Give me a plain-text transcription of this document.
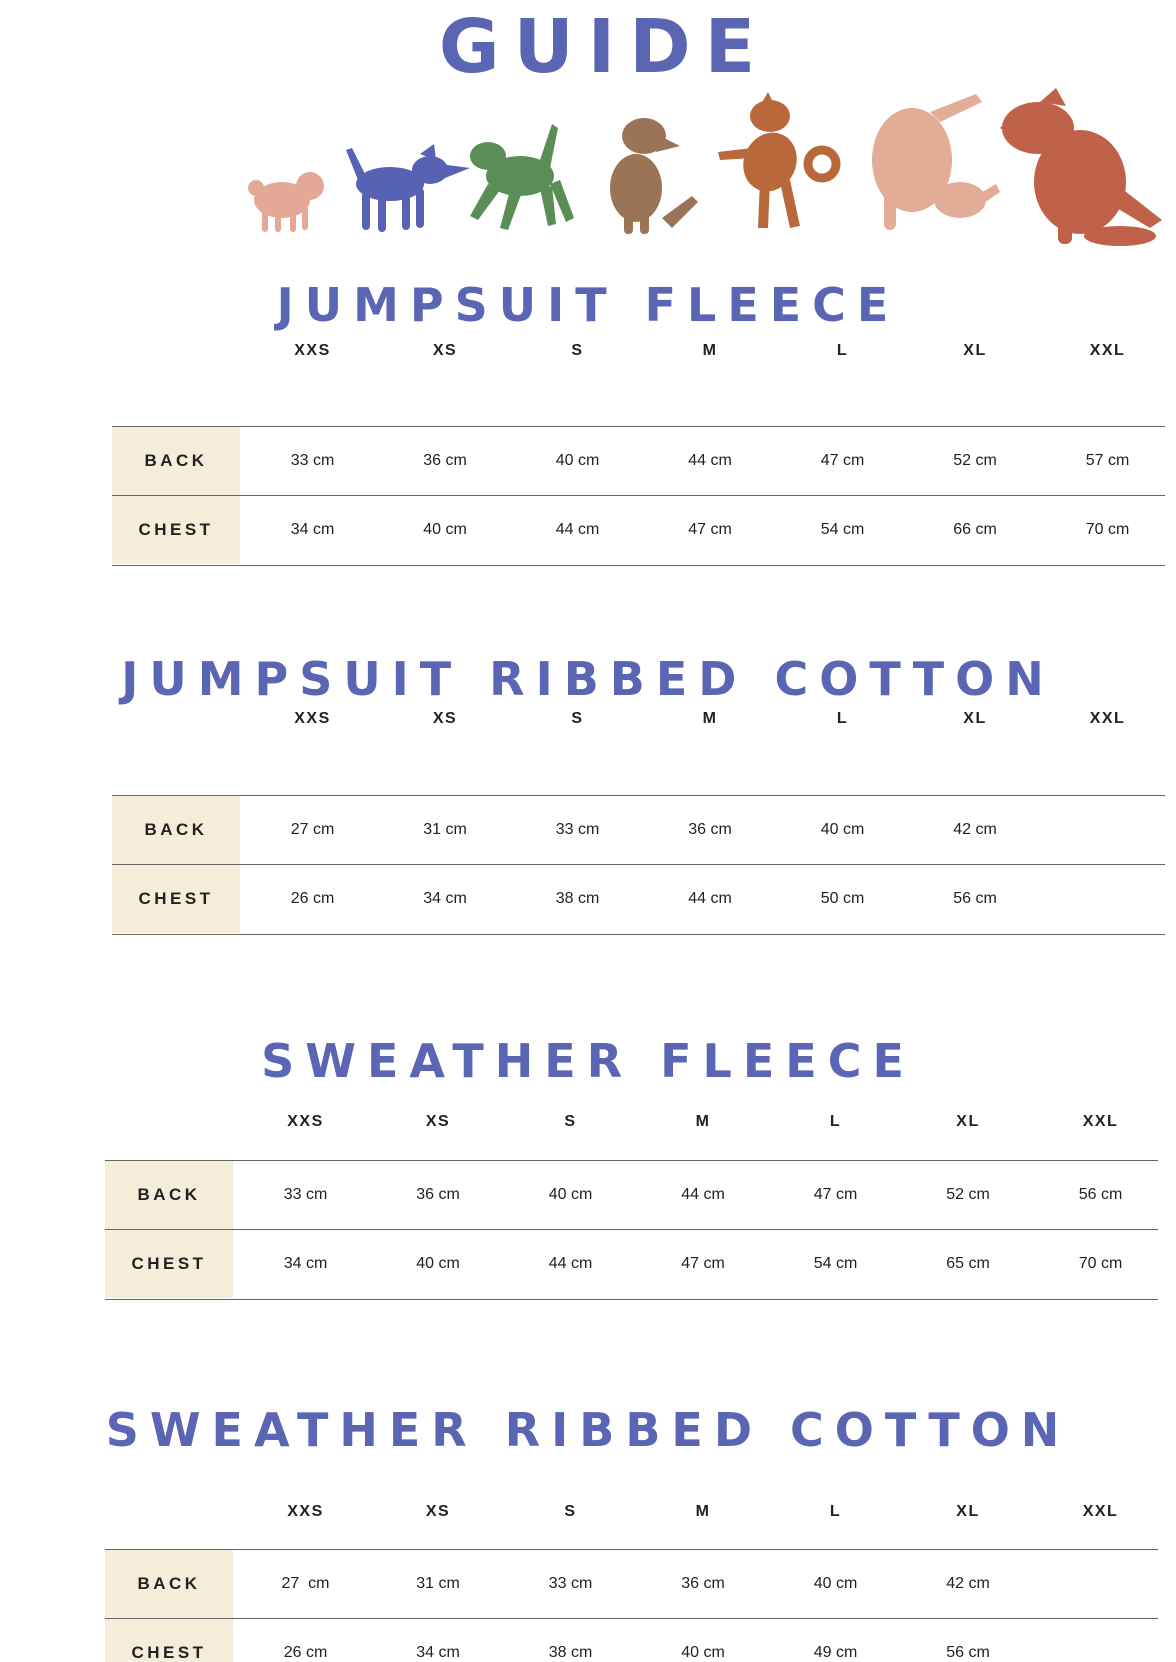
GUIDE
JUMPSUIT FLEECE
XXS	XS	S	M	L	XL	XXL
BACK	33 cm	36 cm	40 cm	44 cm	47 cm	52 cm	57 cm
CHEST	34 cm	40 cm	44 cm	47 cm	54 cm	66 cm	70 cm
JUMPSUIT RIBBED COTTON
XXS	XS	S	M	L	XL	XXL
BACK	27 cm	31 cm	33 cm	36 cm	40 cm	42 cm
CHEST	26 cm	34 cm	38 cm	44 cm	50 cm	56 cm
SWEATHER FLEECE
XXS	XS	S	M	L	XL	XXL
BACK	33 cm	36 cm	40 cm	44 cm	47 cm	52 cm	56 cm
CHEST	34 cm	40 cm	44 cm	47 cm	54 cm	65 cm	70 cm
SWEATHER RIBBED COTTON
XXS	XS	S	M	L	XL	XXL
BACK	27  cm	31 cm	33 cm	36 cm	40 cm	42 cm
CHEST	26 cm	34 cm	38 cm	40 cm	49 cm	56 cm
